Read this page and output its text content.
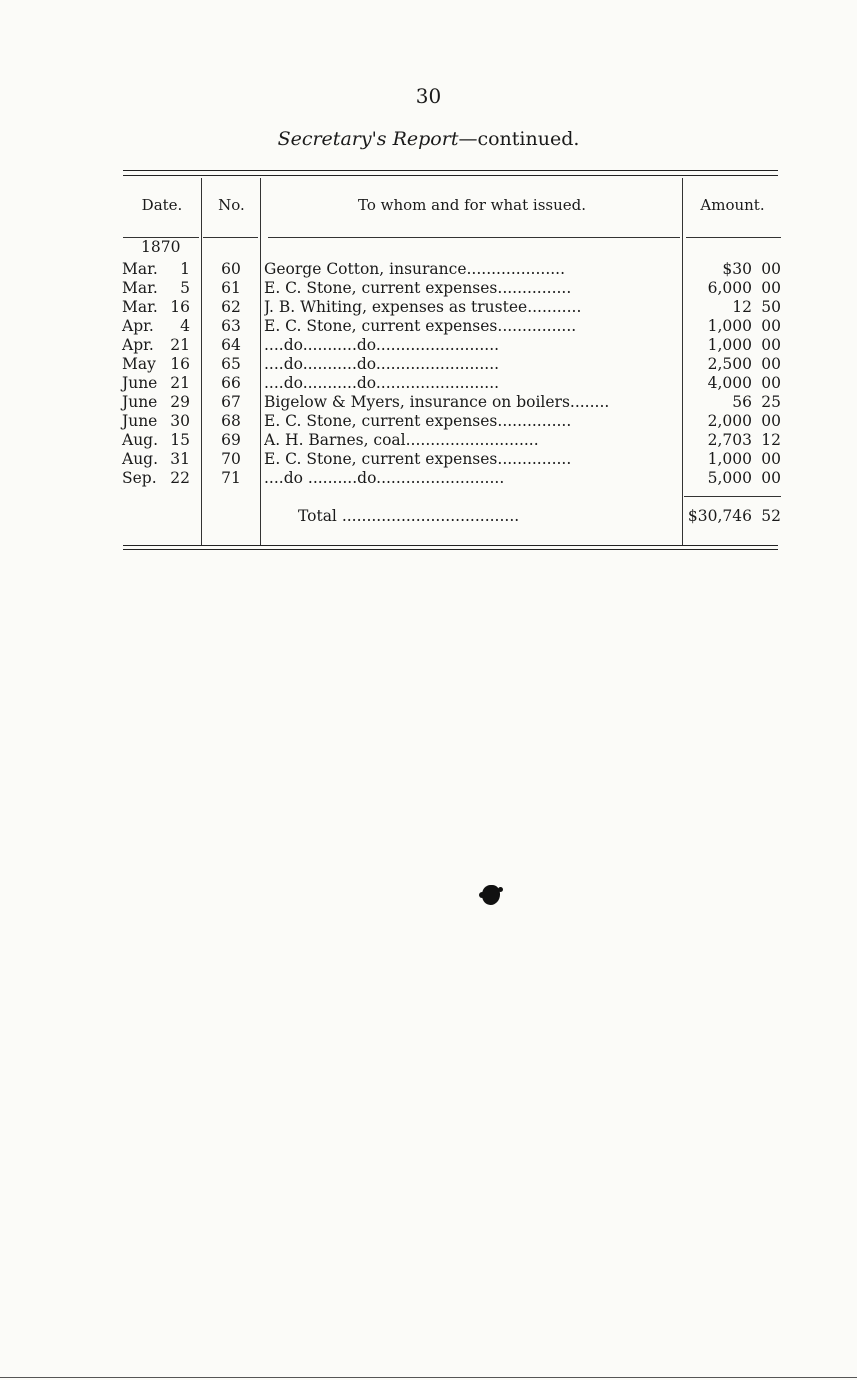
30
Secretary's Report—continued.
Date.	No.	To whom and for what issued.	Amount.
1870
Mar. 1	60	George Cotton, insurance....................	$30 00
Mar. 5	61	E. C. Stone, current expenses...............	6,000 00
Mar. 16	62	J. B. Whiting, expenses as trustee...........	12 50
Apr. 4	63	E. C. Stone, current expenses................	1,000 00
Apr. 21	64	....do...........do.........................	1,000 00
May 16	65	....do...........do.........................	2,500 00
June 21	66	....do...........do.........................	4,000 00
June 29	67	Bigelow & Myers, insurance on boilers........	56 25
June 30	68	E. C. Stone, current expenses...............	2,000 00
Aug. 15	69	A. H. Barnes, coal...........................	2,703 12
Aug. 31	70	E. C. Stone, current expenses...............	1,000 00
Sep. 22	71	....do ..........do..........................	5,000 00
Total ....................................	$30,746 52
